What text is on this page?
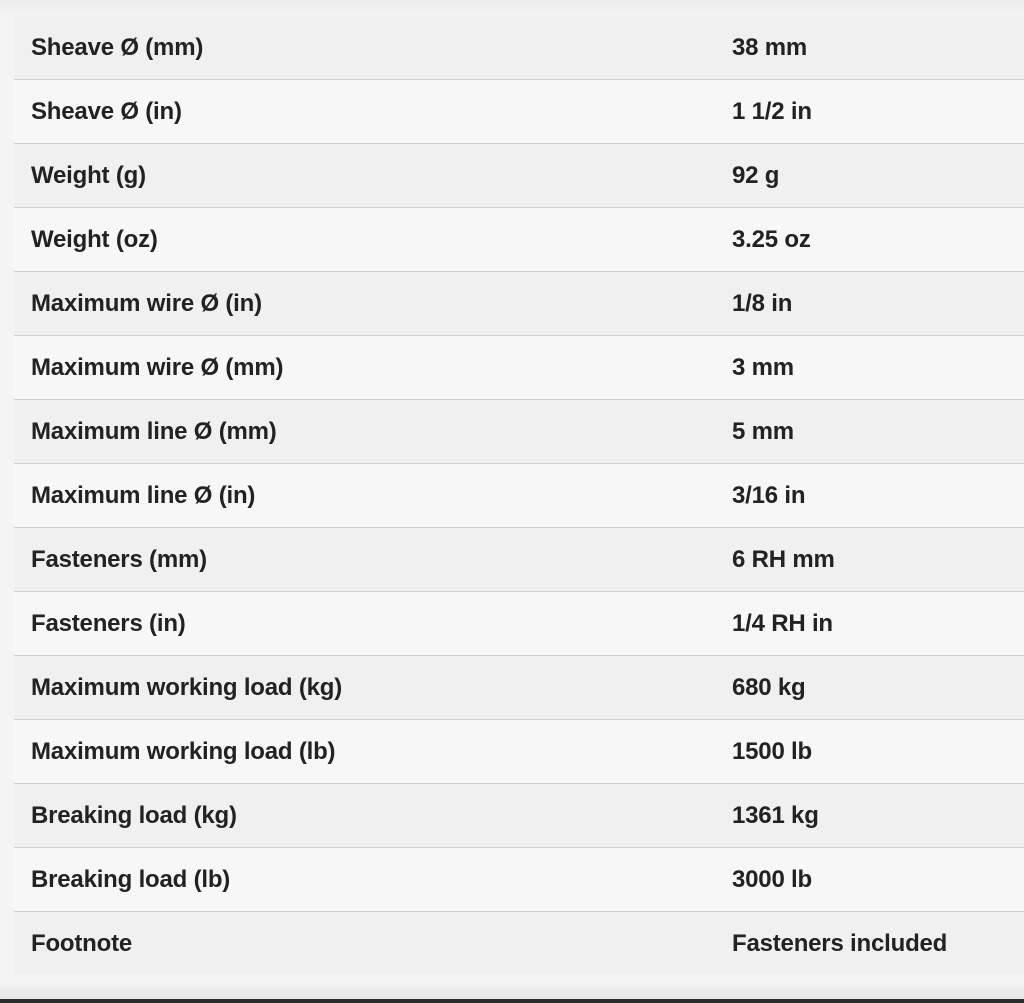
Sheave Ø (mm)	38 mm
Sheave Ø (in)	1 1/2 in
Weight (g)	92 g
Weight (oz)	3.25 oz
Maximum wire Ø (in)	1/8 in
Maximum wire Ø (mm)	3 mm
Maximum line Ø (mm)	5 mm
Maximum line Ø (in)	3/16 in
Fasteners (mm)	6 RH mm
Fasteners (in)	1/4 RH in
Maximum working load (kg)	680 kg
Maximum working load (lb)	1500 lb
Breaking load (kg)	1361 kg
Breaking load (lb)	3000 lb
Footnote	Fasteners included
